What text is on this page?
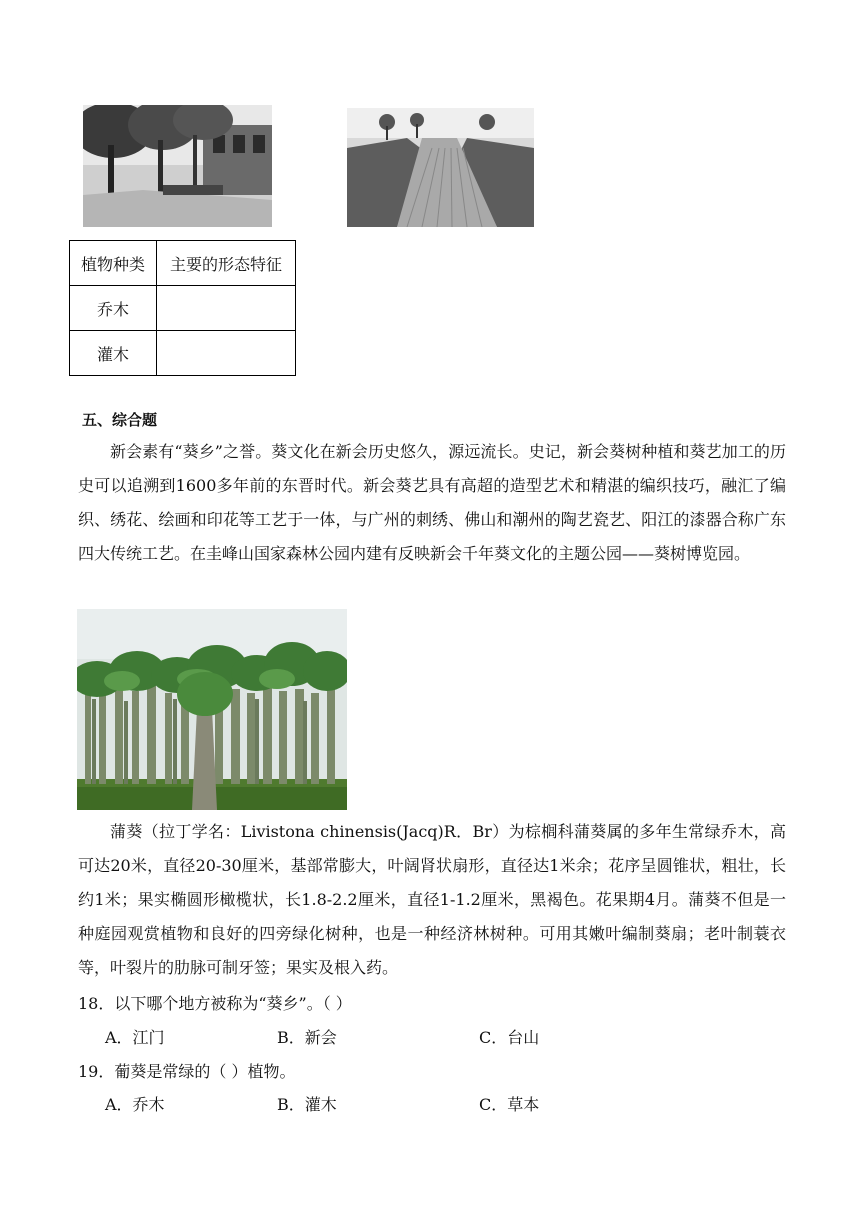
植物种类	主要的形态特征
乔木	
灌木	
五、综合题
新会素有“葵乡”之誉。葵文化在新会历史悠久，源远流长。史记，新会葵树种植和葵艺加工的历史可以追溯到1600多年前的东晋时代。新会葵艺具有高超的造型艺术和精湛的编织技巧，融汇了编织、绣花、绘画和印花等工艺于一体，与广州的刺绣、佛山和潮州的陶艺瓷艺、阳江的漆器合称广东四大传统工艺。在圭峰山国家森林公园内建有反映新会千年葵文化的主题公园——葵树博览园。
蒲葵（拉丁学名：Livistona chinensis(Jacq)R．Br）为棕榈科蒲葵属的多年生常绿乔木，高可达20米，直径20-30厘米，基部常膨大，叶阔肾状扇形，直径达1米余；花序呈圆锥状，粗壮，长约1米；果实椭圆形橄榄状，长1.8-2.2厘米，直径1-1.2厘米，黑褐色。花果期4月。蒲葵不但是一种庭园观赏植物和良好的四旁绿化树种，也是一种经济林树种。可用其嫩叶编制葵扇；老叶制蓑衣等，叶裂片的肋脉可制牙签；果实及根入药。
18．以下哪个地方被称为“葵乡”。（ ）
A．江门	B．新会	C．台山
19．葡葵是常绿的（ ）植物。
A．乔木	B．灌木	C．草本
